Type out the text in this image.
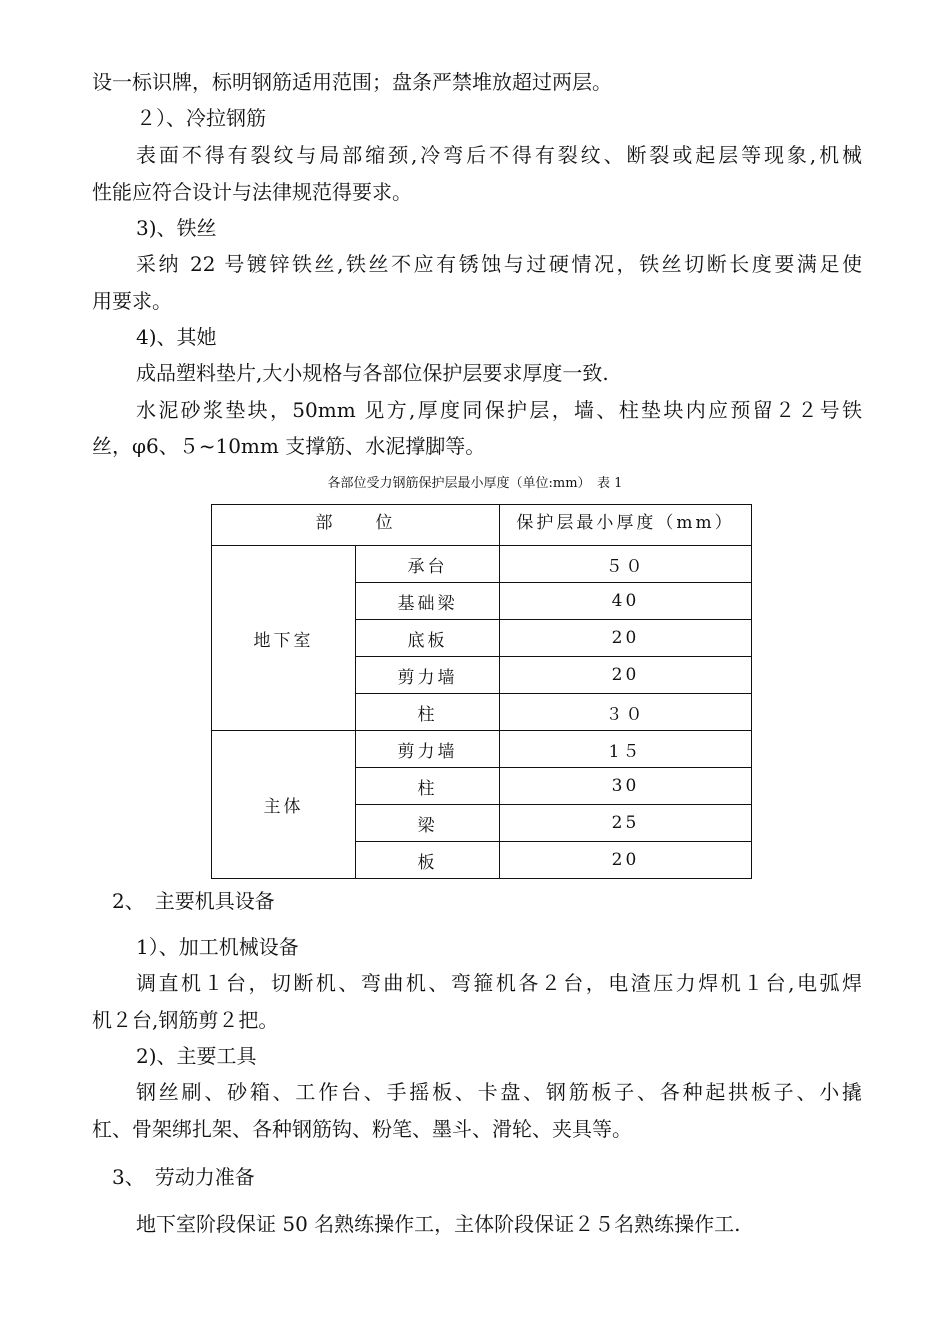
设一标识牌，标明钢筋适用范围；盘条严禁堆放超过两层。
２）、冷拉钢筋
表面不得有裂纹与局部缩颈,冷弯后不得有裂纹、断裂或起层等现象,机械
性能应符合设计与法律规范得要求。
3)、铁丝
采纳 22 号镀锌铁丝,铁丝不应有锈蚀与过硬情况，铁丝切断长度要满足使
用要求。
4)、其她
成品塑料垫片,大小规格与各部位保护层要求厚度一致.
水泥砂浆垫块，50mm 见方,厚度同保护层，墙、柱垫块内应预留２２号铁
丝，φ6、５~10mm 支撑筋、水泥撑脚等。
各部位受力钢筋保护层最小厚度（单位:mm）　表 1
部　　位		保护层最小厚度（mm）
地下室	承台	５０
	基础梁	40
	底板	20
	剪力墙	20
	柱	３０
主体	剪力墙	1５
	柱	30
	梁	25
	板	20
2、　主要机具设备
1）、加工机械设备
调直机１台，切断机、弯曲机、弯箍机各２台，电渣压力焊机１台,电弧焊
机２台,钢筋剪２把。
2)、主要工具
钢丝刷、砂箱、工作台、手摇板、卡盘、钢筋板子、各种起拱板子、小撬
杠、骨架绑扎架、各种钢筋钩、粉笔、墨斗、滑轮、夹具等。
3、　劳动力准备
地下室阶段保证 50 名熟练操作工，主体阶段保证２５名熟练操作工.
